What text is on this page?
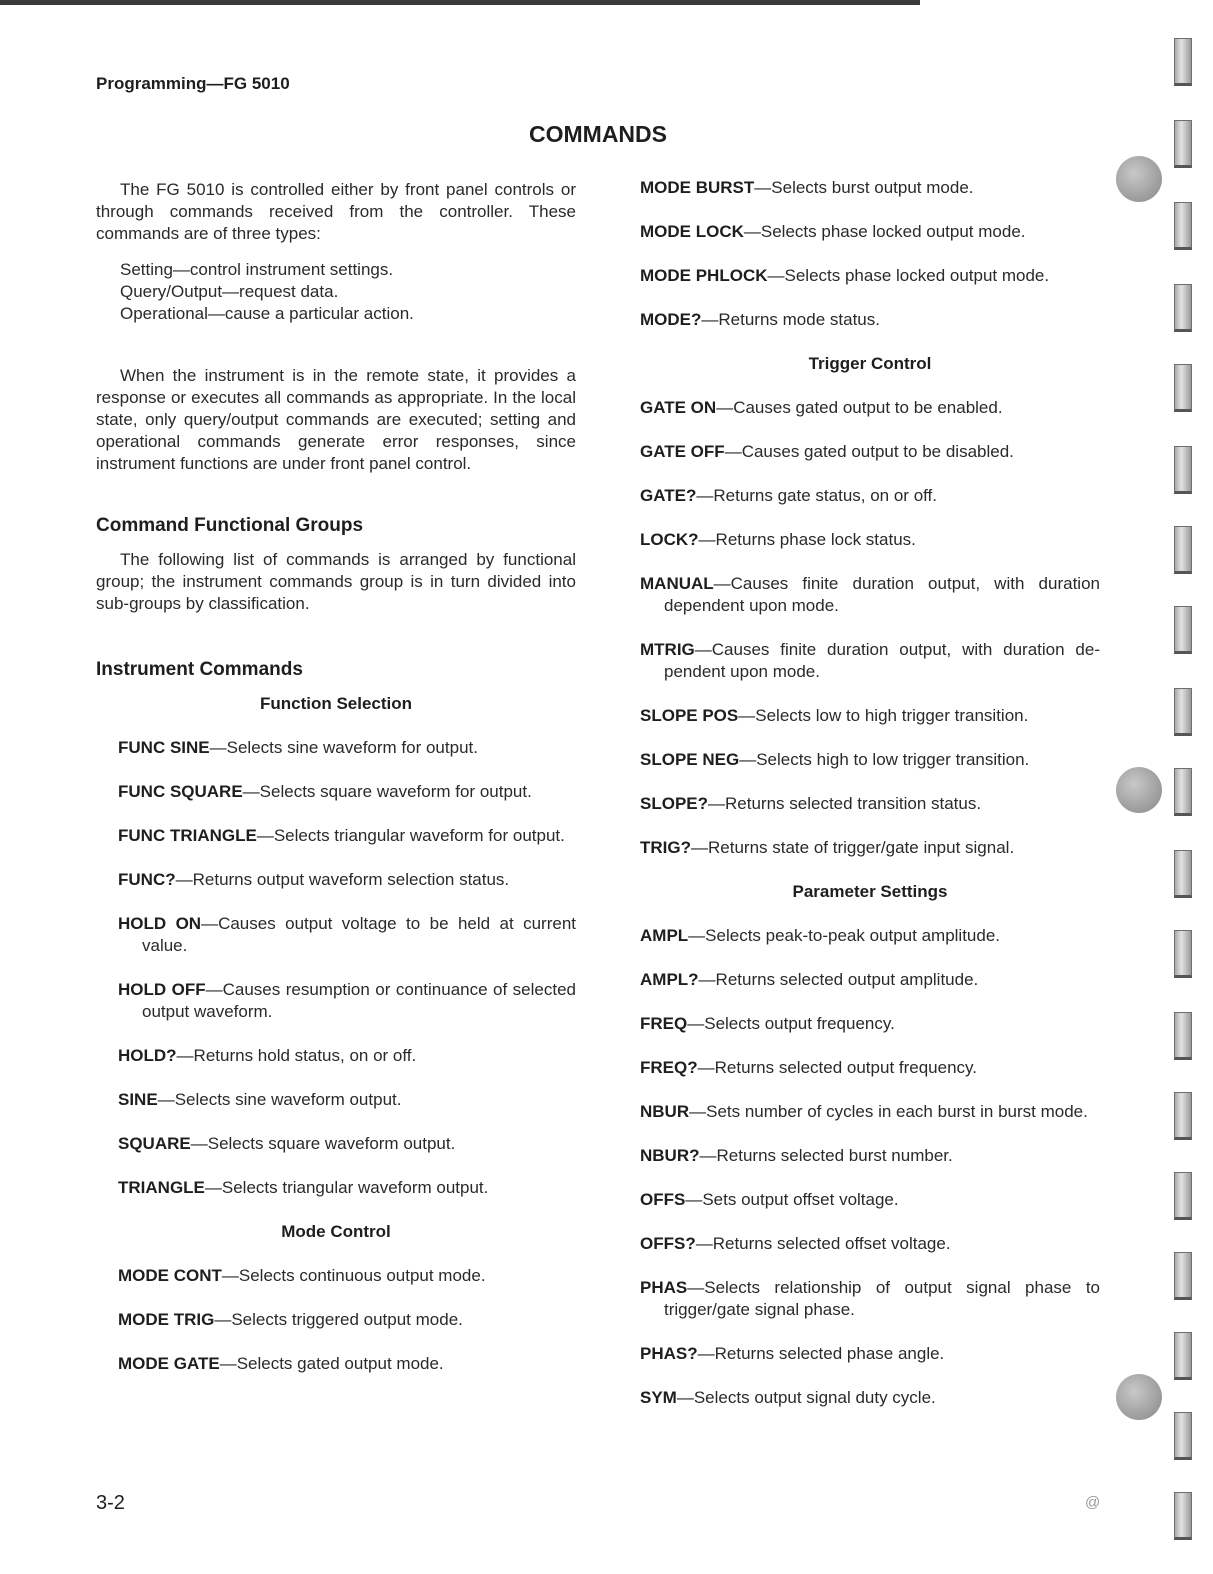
Programming—FG 5010
COMMANDS

The FG 5010 is controlled either by front panel controls or through commands received from the controller. These commands are of three types:

Setting—control instrument settings.
Query/Output—request data.
Operational—cause a particular action.

When the instrument is in the remote state, it provides a response or executes all commands as appropriate. In the local state, only query/output commands are executed; setting and operational commands generate error responses, since instrument functions are under front panel control.

Command Functional Groups

The following list of commands is arranged by functional group; the instrument commands group is in turn divided into sub-groups by classification.

Instrument Commands
Function Selection
FUNC SINE—Selects sine waveform for output.
FUNC SQUARE—Selects square waveform for output.
FUNC TRIANGLE—Selects triangular waveform for output.
FUNC?—Returns output waveform selection status.
HOLD ON—Causes output voltage to be held at current value.
HOLD OFF—Causes resumption or continuance of selected output waveform.
HOLD?—Returns hold status, on or off.
SINE—Selects sine waveform output.
SQUARE—Selects square waveform output.
TRIANGLE—Selects triangular waveform output.
Mode Control
MODE CONT—Selects continuous output mode.
MODE TRIG—Selects triggered output mode.
MODE GATE—Selects gated output mode.
MODE BURST—Selects burst output mode.
MODE LOCK—Selects phase locked output mode.
MODE PHLOCK—Selects phase locked output mode.
MODE?—Returns mode status.
Trigger Control
GATE ON—Causes gated output to be enabled.
GATE OFF—Causes gated output to be disabled.
GATE?—Returns gate status, on or off.
LOCK?—Returns phase lock status.
MANUAL—Causes finite duration output, with duration dependent upon mode.
MTRIG—Causes finite duration output, with duration dependent upon mode.
SLOPE POS—Selects low to high trigger transition.
SLOPE NEG—Selects high to low trigger transition.
SLOPE?—Returns selected transition status.
TRIG?—Returns state of trigger/gate input signal.
Parameter Settings
AMPL—Selects peak-to-peak output amplitude.
AMPL?—Returns selected output amplitude.
FREQ—Selects output frequency.
FREQ?—Returns selected output frequency.
NBUR—Sets number of cycles in each burst in burst mode.
NBUR?—Returns selected burst number.
OFFS—Sets output offset voltage.
OFFS?—Returns selected offset voltage.
PHAS—Selects relationship of output signal phase to trigger/gate signal phase.
PHAS?—Returns selected phase angle.
SYM—Selects output signal duty cycle.
3-2	@
